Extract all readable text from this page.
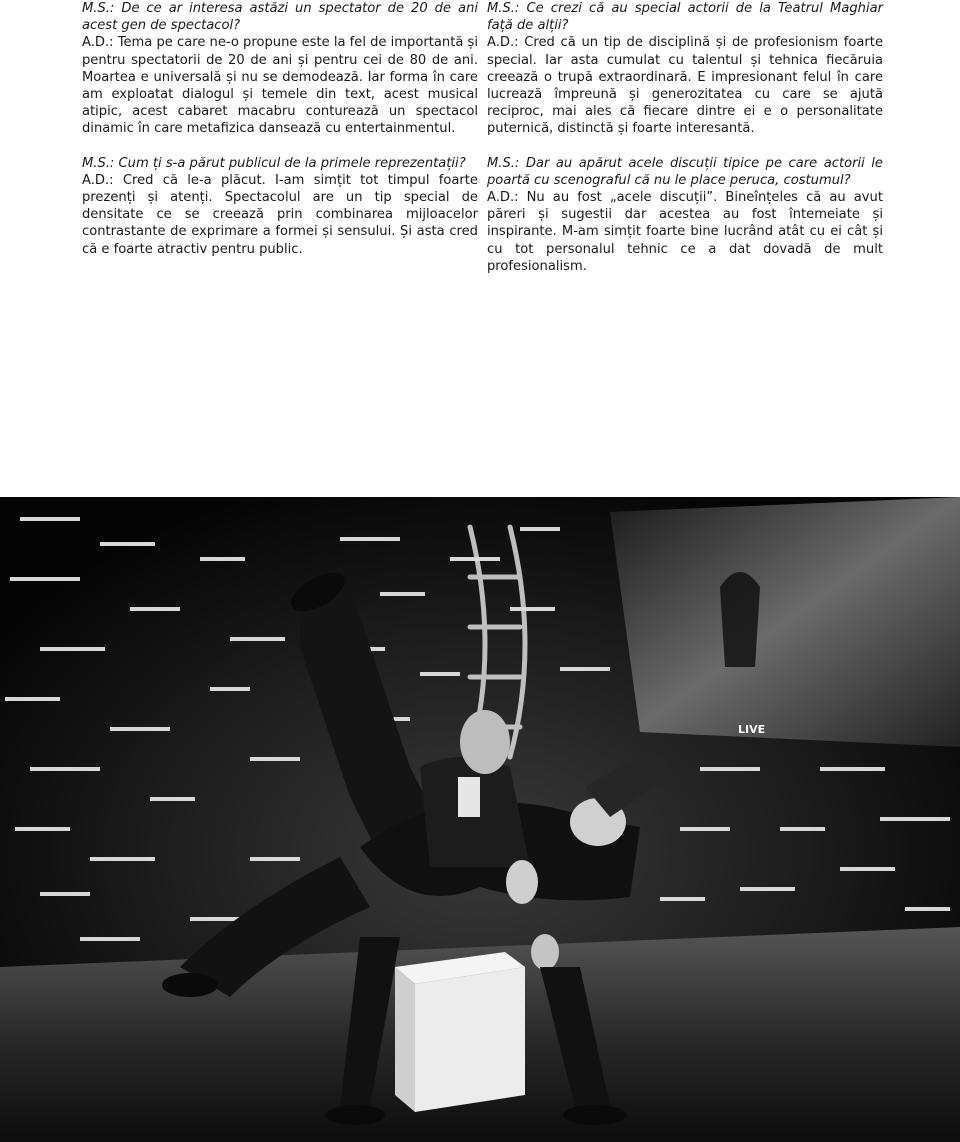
M.S.: De ce ar interesa astăzi un spectator de 20 de ani acest gen de spectacol?

A.D.: Tema pe care ne-o propune este la fel de importantă și pentru spectatorii de 20 de ani și pentru cei de 80 de ani. Moartea e universală și nu se demodează. Iar forma în care am exploatat dialogul și temele din text, acest musical atipic, acest cabaret macabru conturează un spectacol dinamic în care metafizica dansează cu entertainmentul.

M.S.: Cum ți s-a părut publicul de la primele reprezentații?

A.D.: Cred că le-a plăcut. I-am simțit tot timpul foarte prezenți și atenți. Spectacolul are un tip special de densitate ce se creează prin combinarea mijloacelor contrastante de exprimare a formei și sensului. Și asta cred că e foarte atractiv pentru public.

M.S.: Ce crezi că au special actorii de la Teatrul Maghiar față de alții?

A.D.: Cred că un tip de disciplină și de profesionism foarte special. Iar asta cumulat cu talentul și tehnica fiecăruia creează o trupă extraordinară. E impresionant felul în care lucrează împreună și generozitatea cu care se ajută reciproc, mai ales că fiecare dintre ei e o personalitate puternică, distinctă și foarte interesantă.

M.S.: Dar au apărut acele discuții tipice pe care actorii le poartă cu scenograful că nu le place peruca, costumul?

A.D.: Nu au fost „acele discuții”. Bineînțeles că au avut păreri și sugestii dar acestea au fost întemeiate și inspirante. M-am simțit foarte bine lucrând atât cu ei cât și cu tot personalul tehnic ce a dat dovadă de mult profesionalism.

LIVE
